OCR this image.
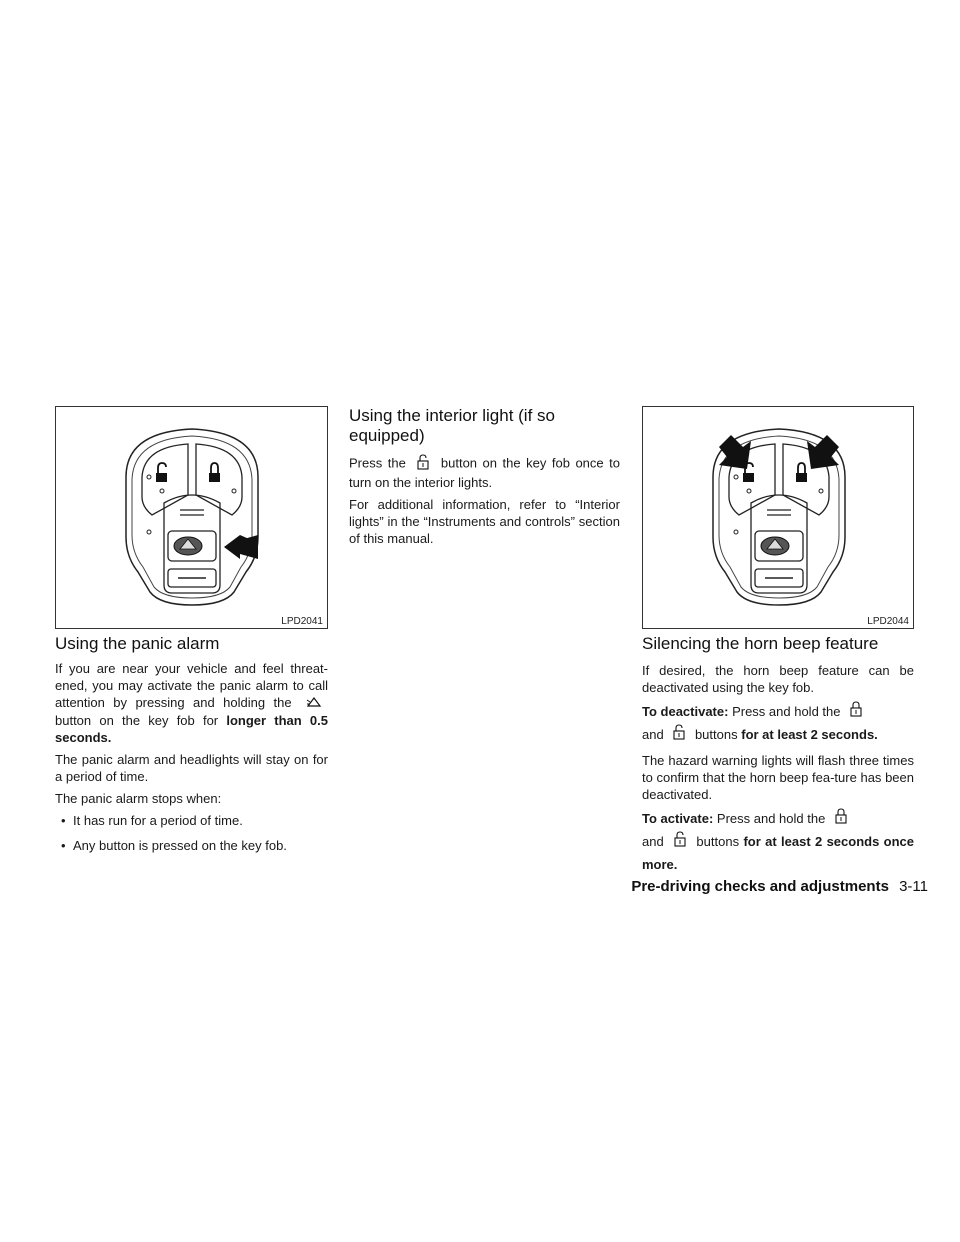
LPD2041
Using the panic alarm

If you are near your vehicle and feel threat-ened, you may activate the panic alarm to call attention by pressing and holding the  button on the key fob for longer than 0.5 seconds.

The panic alarm and headlights will stay on for a period of time.

The panic alarm stops when:

• It has run for a period of time.
• Any button is pressed on the key fob.
Using the interior light (if so equipped)

Press the	button on the key fob once to turn on the interior lights.

For additional information, refer to “Interior lights” in the “Instruments and controls” section of this manual.

LPD2044
Silencing the horn beep feature

If desired, the horn beep feature can be deactivated using the key fob.

To deactivate: Press and hold the
and buttons for at least 2 seconds.

The hazard warning lights will flash three times to confirm that the horn beep fea-ture has been deactivated.

To activate: Press and hold the
and	buttons for at least 2 seconds once more.

Pre-driving checks and adjustments 3-11
